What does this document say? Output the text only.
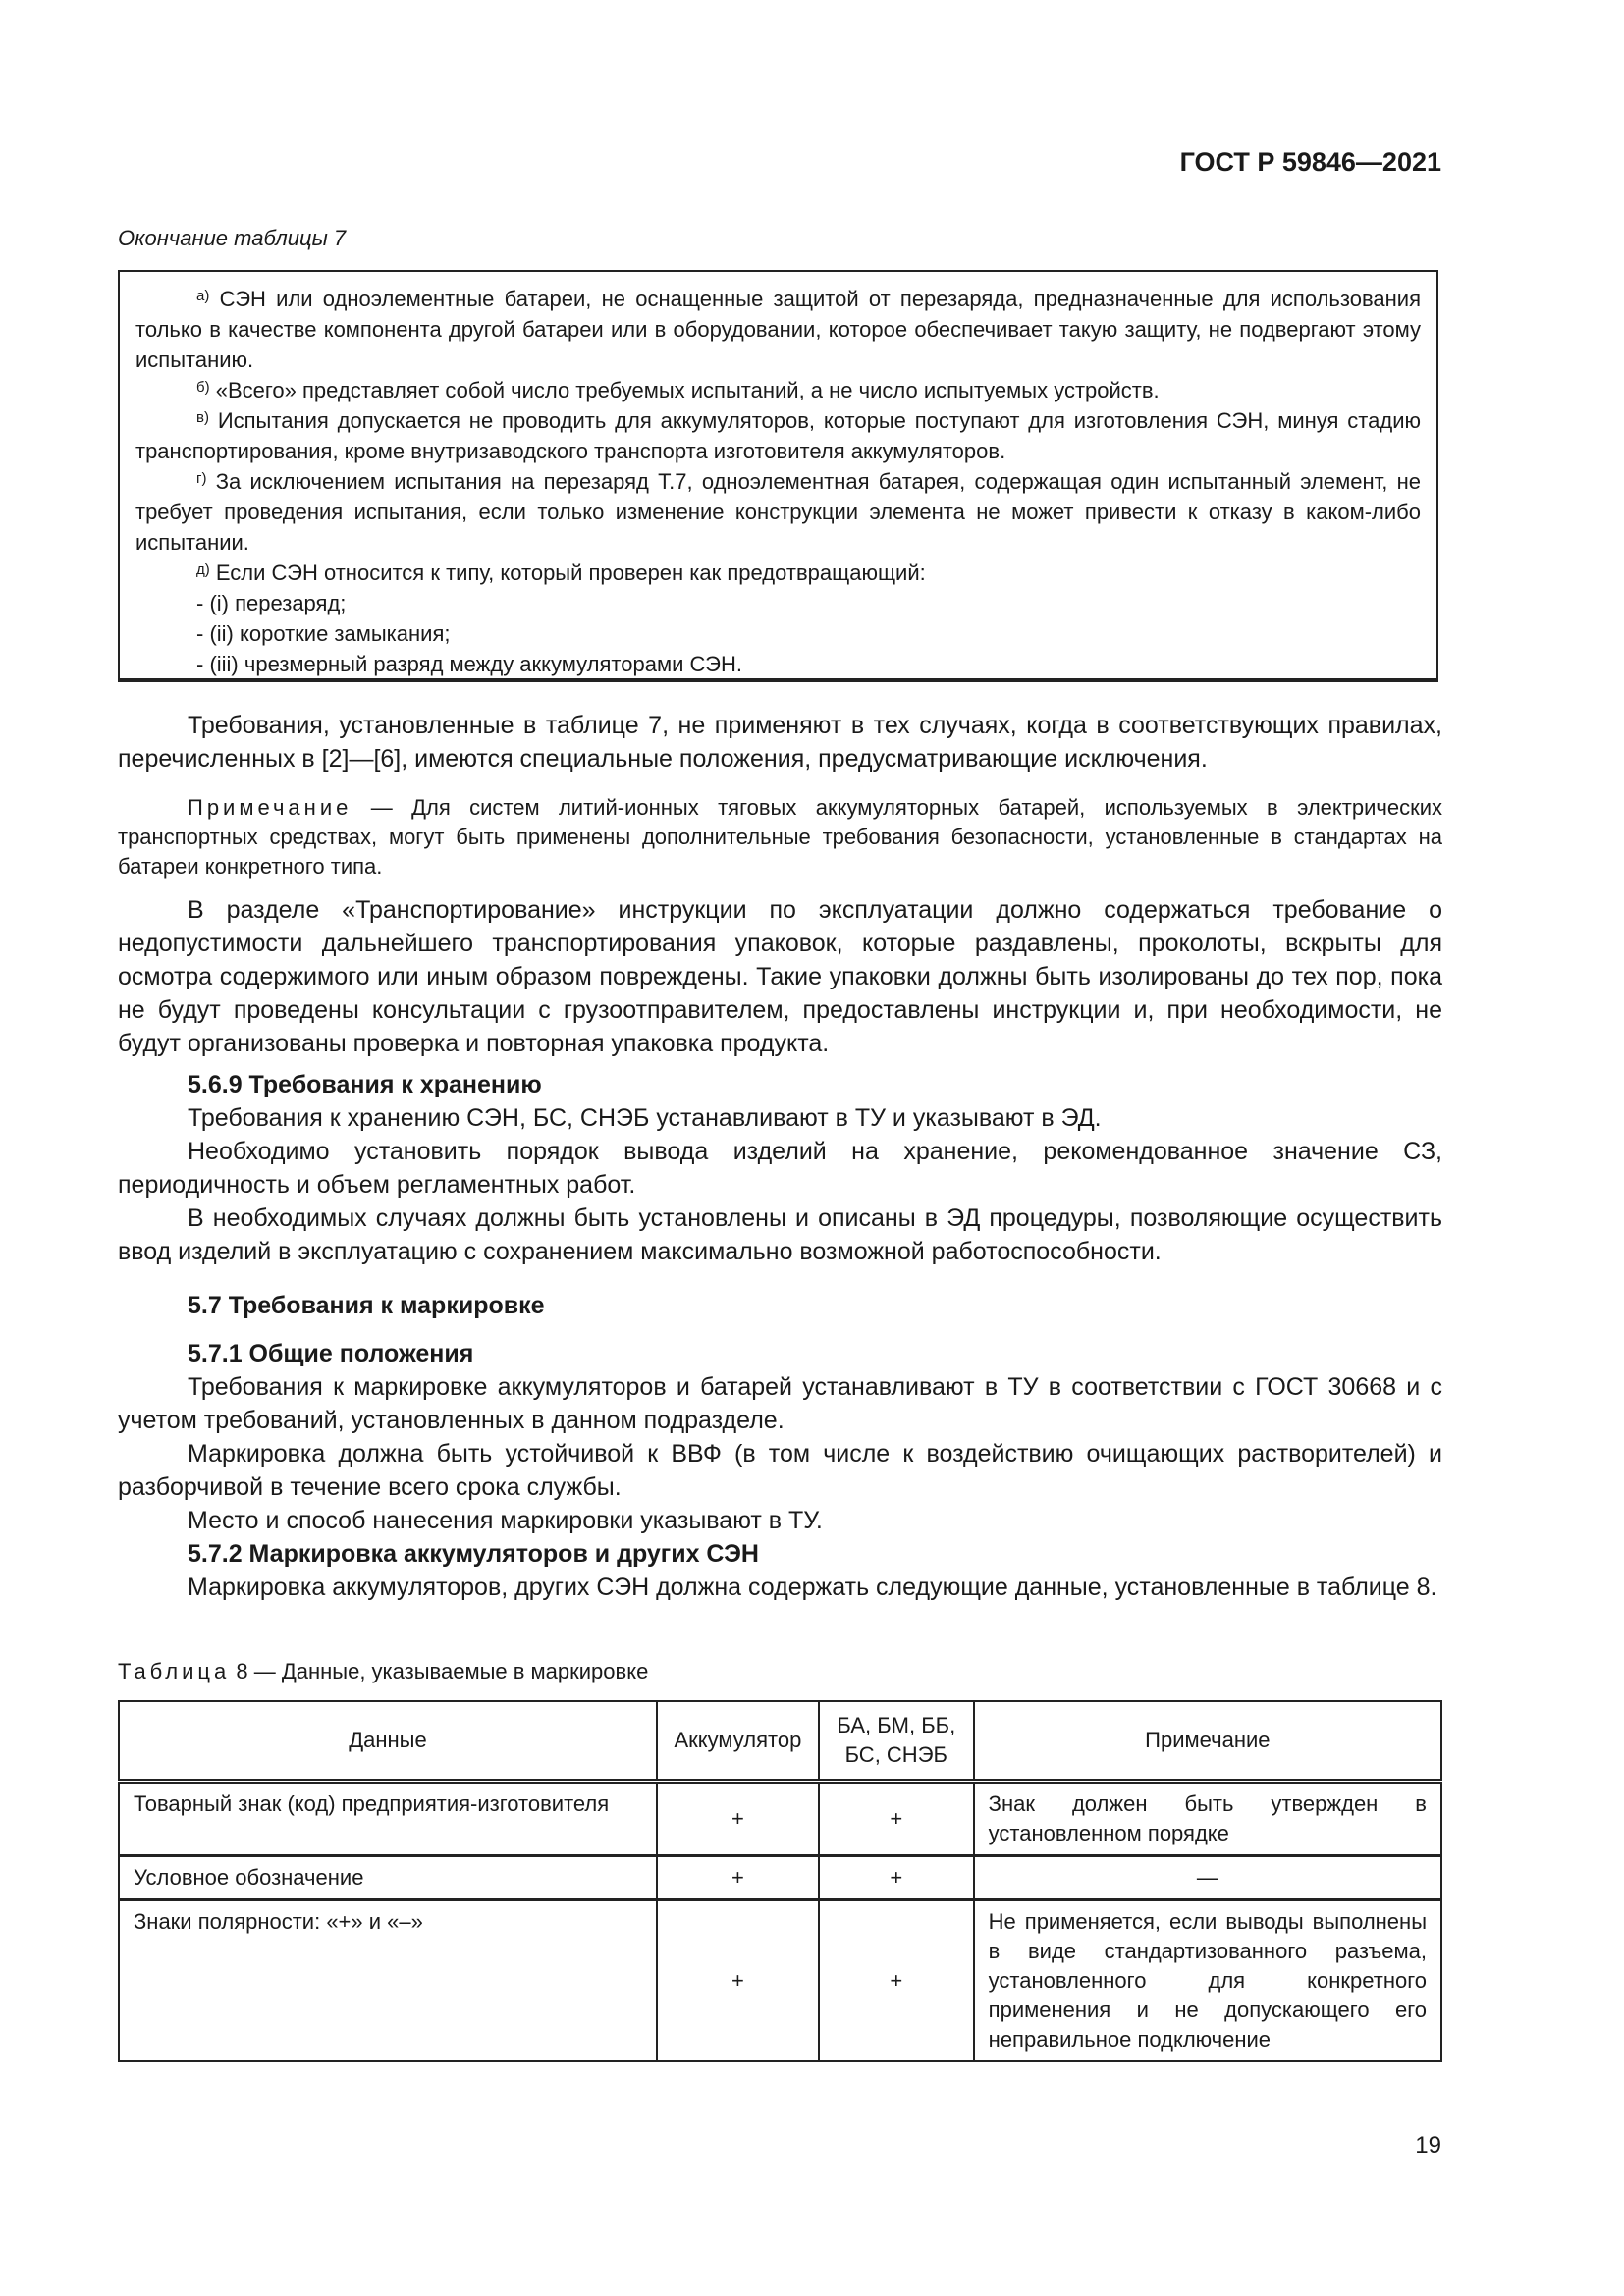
ГОСТ Р 59846—2021
Окончание таблицы 7

$^{а)}$ СЭН или одноэлементные батареи, не оснащенные защитой от перезаряда, предназначенные для использования только в качестве компонента другой батареи или в оборудовании, которое обеспечивает такую защиту, не подвергают этому испытанию.

$^{б)}$ «Всего» представляет собой число требуемых испытаний, а не число испытуемых устройств.

$^{в)}$ Испытания допускается не проводить для аккумуляторов, которые поступают для изготовления СЭН, минуя стадию транспортирования, кроме внутризаводского транспорта изготовителя аккумуляторов.

$^{г)}$ За исключением испытания на перезаряд Т.7, одноэлементная батарея, содержащая один испытанный элемент, не требует проведения испытания, если только изменение конструкции элемента не может привести к отказу в каком-либо испытании.

$^{д)}$ Если СЭН относится к типу, который проверен как предотвращающий:

- (i) перезаряд;

- (ii) короткие замыкания;

- (iii) чрезмерный разряд между аккумуляторами СЭН.

Требования, установленные в таблице 7, не применяют в тех случаях, когда в соответствующих правилах, перечисленных в [2]—[6], имеются специальные положения, предусматривающие исключения.

Примечание — Для систем литий-ионных тяговых аккумуляторных батарей, используемых в электрических транспортных средствах, могут быть применены дополнительные требования безопасности, установленные в стандартах на батареи конкретного типа.

В разделе «Транспортирование» инструкции по эксплуатации должно содержаться требование о недопустимости дальнейшего транспортирования упаковок, которые раздавлены, проколоты, вскрыты для осмотра содержимого или иным образом повреждены. Такие упаковки должны быть изолированы до тех пор, пока не будут проведены консультации с грузоотправителем, предоставлены инструкции и, при необходимости, не будут организованы проверка и повторная упаковка продукта.

5.6.9 Требования к хранению

Требования к хранению СЭН, БС, СНЭБ устанавливают в ТУ и указывают в ЭД.

Необходимо установить порядок вывода изделий на хранение, рекомендованное значение СЗ, периодичность и объем регламентных работ.

В необходимых случаях должны быть установлены и описаны в ЭД процедуры, позволяющие осуществить ввод изделий в эксплуатацию с сохранением максимально возможной работоспособности.

5.7 Требования к маркировке
5.7.1 Общие положения

Требования к маркировке аккумуляторов и батарей устанавливают в ТУ в соответствии с ГОСТ 30668 и с учетом требований, установленных в данном подразделе.

Маркировка должна быть устойчивой к ВВФ (в том числе к воздействию очищающих растворителей) и разборчивой в течение всего срока службы.

Место и способ нанесения маркировки указывают в ТУ.

5.7.2 Маркировка аккумуляторов и других СЭН

Маркировка аккумуляторов, других СЭН должна содержать следующие данные, установленные в таблице 8.

Таблица 8 — Данные, указываемые в маркировке
Данные	Аккумулятор	БА, БМ, ББ, БС, СНЭБ	Примечание
Товарный знак (код) предприятия-изготовителя	+	+	Знак должен быть утвержден в установленном порядке
Условное обозначение	+	+	—
Знаки полярности: «+» и «–»	+	+	Не применяется, если выводы выполнены в виде стандартизованного разъема, установленного для конкретного применения и не допускающего его неправильное подключение
19
